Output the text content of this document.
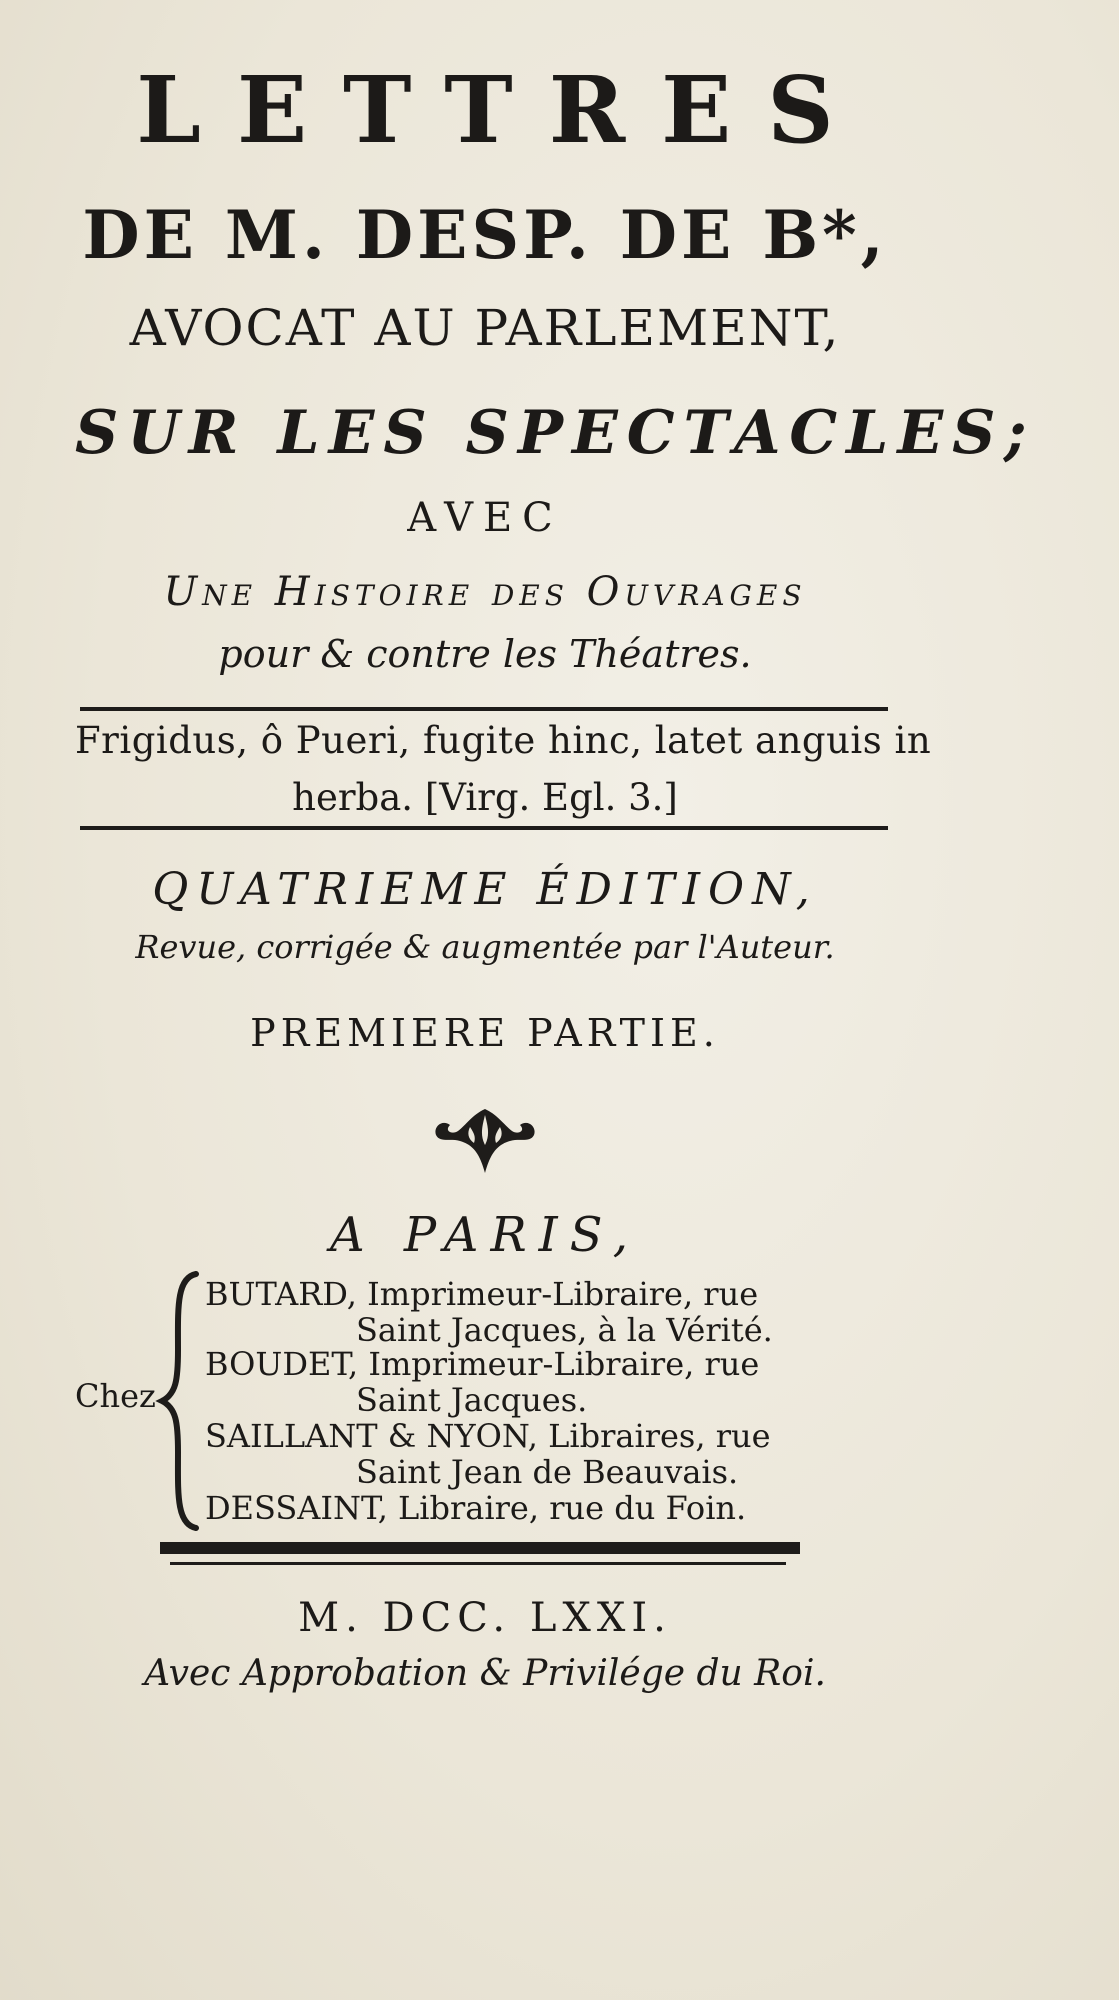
LETTRES
DE M. DESP. DE B*,
AVOCAT AU PARLEMENT,
SUR LES SPECTACLES;
AVEC
Une Histoire des Ouvrages
pour & contre les Théatres.
Frigidus, ô Pueri, fugite hinc, latet anguis in
herba. [Virg. Egl. 3.]
QUATRIEME ÉDITION,
Revue, corrigée & augmentée par l'Auteur.
PREMIERE PARTIE.
A PARIS,
Chez
BUTARD, Imprimeur-Libraire, rue
Saint Jacques, à la Vérité.
BOUDET, Imprimeur-Libraire, rue
Saint Jacques.
SAILLANT & NYON, Libraires, rue
Saint Jean de Beauvais.
DESSAINT, Libraire, rue du Foin.
M. DCC. LXXI.
Avec Approbation & Privilége du Roi.
